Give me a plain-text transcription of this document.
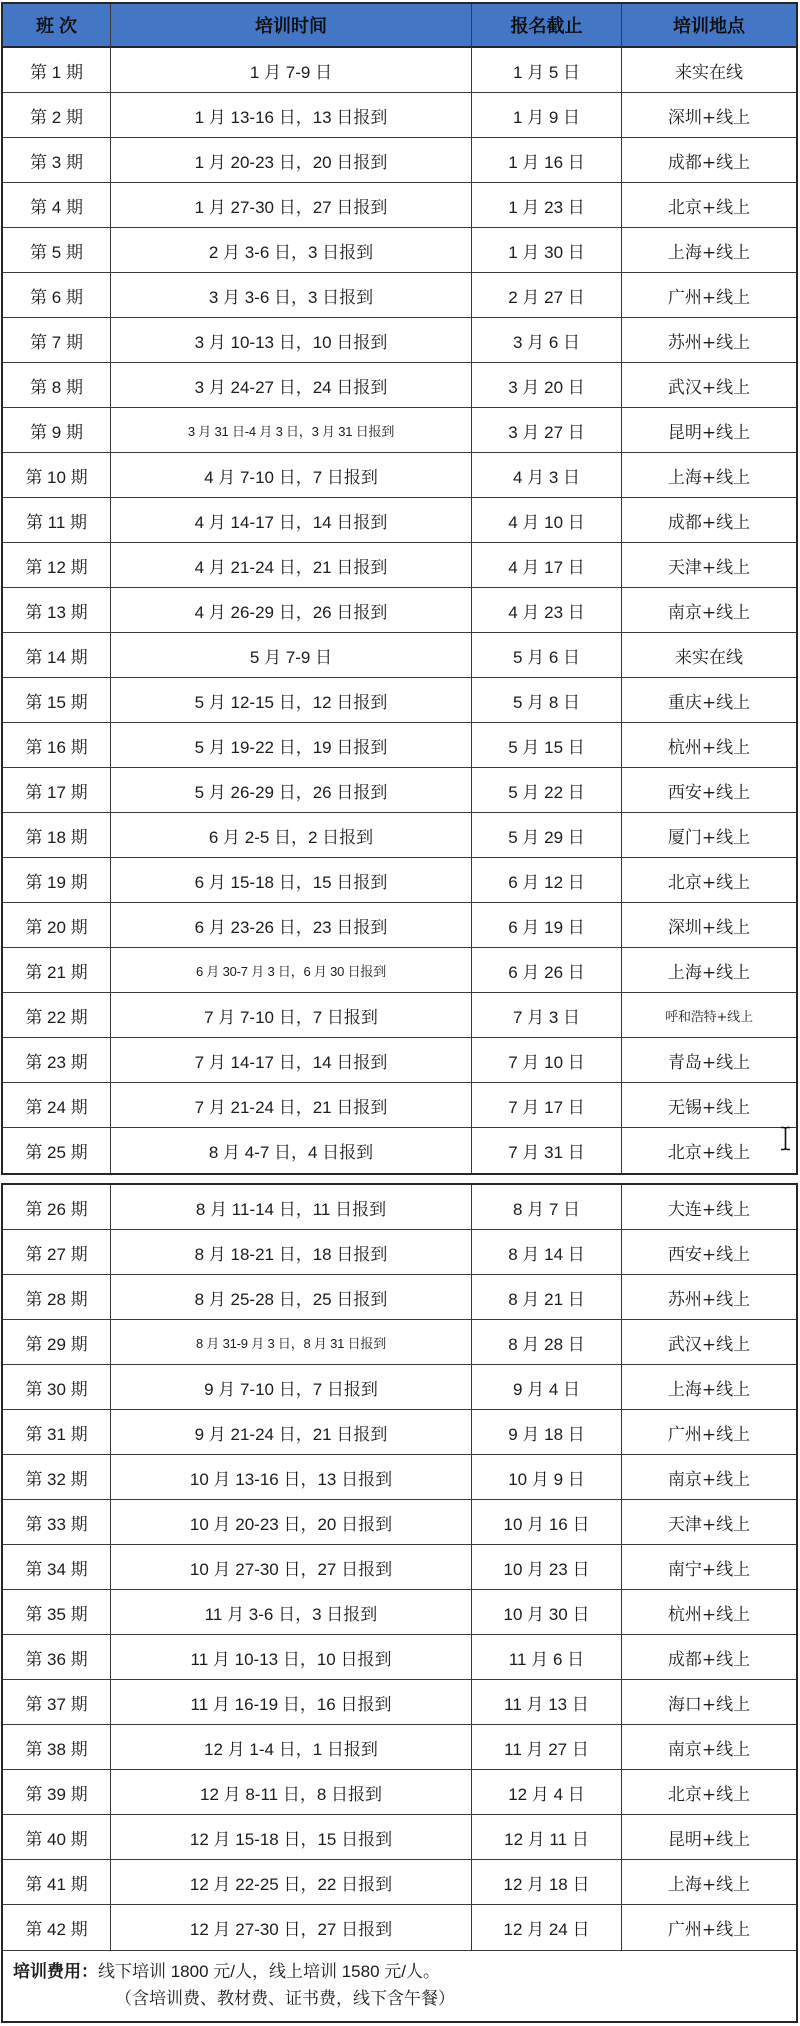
班 次	培训时间	报名截止	培训地点
第 1 期	1 月 7-9 日	1 月 5 日	来实在线
第 2 期	1 月 13-16 日，13 日报到	1 月 9 日	深圳+线上
第 3 期	1 月 20-23 日，20 日报到	1 月 16 日	成都+线上
第 4 期	1 月 27-30 日，27 日报到	1 月 23 日	北京+线上
第 5 期	2 月 3-6 日，3 日报到	1 月 30 日	上海+线上
第 6 期	3 月 3-6 日，3 日报到	2 月 27 日	广州+线上
第 7 期	3 月 10-13 日，10 日报到	3 月 6 日	苏州+线上
第 8 期	3 月 24-27 日，24 日报到	3 月 20 日	武汉+线上
第 9 期	3 月 31 日-4 月 3 日，3 月 31 日报到	3 月 27 日	昆明+线上
第 10 期	4 月 7-10 日，7 日报到	4 月 3 日	上海+线上
第 11 期	4 月 14-17 日，14 日报到	4 月 10 日	成都+线上
第 12 期	4 月 21-24 日，21 日报到	4 月 17 日	天津+线上
第 13 期	4 月 26-29 日，26 日报到	4 月 23 日	南京+线上
第 14 期	5 月 7-9 日	5 月 6 日	来实在线
第 15 期	5 月 12-15 日，12 日报到	5 月 8 日	重庆+线上
第 16 期	5 月 19-22 日，19 日报到	5 月 15 日	杭州+线上
第 17 期	5 月 26-29 日，26 日报到	5 月 22 日	西安+线上
第 18 期	6 月 2-5 日，2 日报到	5 月 29 日	厦门+线上
第 19 期	6 月 15-18 日，15 日报到	6 月 12 日	北京+线上
第 20 期	6 月 23-26 日，23 日报到	6 月 19 日	深圳+线上
第 21 期	6 月 30-7 月 3 日，6 月 30 日报到	6 月 26 日	上海+线上
第 22 期	7 月 7-10 日，7 日报到	7 月 3 日	呼和浩特+线上
第 23 期	7 月 14-17 日，14 日报到	7 月 10 日	青岛+线上
第 24 期	7 月 21-24 日，21 日报到	7 月 17 日	无锡+线上
第 25 期	8 月 4-7 日，4 日报到	7 月 31 日	北京+线上
第 26 期	8 月 11-14 日，11 日报到	8 月 7 日	大连+线上
第 27 期	8 月 18-21 日，18 日报到	8 月 14 日	西安+线上
第 28 期	8 月 25-28 日，25 日报到	8 月 21 日	苏州+线上
第 29 期	8 月 31-9 月 3 日，8 月 31 日报到	8 月 28 日	武汉+线上
第 30 期	9 月 7-10 日，7 日报到	9 月 4 日	上海+线上
第 31 期	9 月 21-24 日，21 日报到	9 月 18 日	广州+线上
第 32 期	10 月 13-16 日，13 日报到	10 月 9 日	南京+线上
第 33 期	10 月 20-23 日，20 日报到	10 月 16 日	天津+线上
第 34 期	10 月 27-30 日，27 日报到	10 月 23 日	南宁+线上
第 35 期	11 月 3-6 日，3 日报到	10 月 30 日	杭州+线上
第 36 期	11 月 10-13 日，10 日报到	11 月 6 日	成都+线上
第 37 期	11 月 16-19 日，16 日报到	11 月 13 日	海口+线上
第 38 期	12 月 1-4 日，1 日报到	11 月 27 日	南京+线上
第 39 期	12 月 8-11 日，8 日报到	12 月 4 日	北京+线上
第 40 期	12 月 15-18 日，15 日报到	12 月 11 日	昆明+线上
第 41 期	12 月 22-25 日，22 日报到	12 月 18 日	上海+线上
第 42 期	12 月 27-30 日，27 日报到	12 月 24 日	广州+线上
培训费用：线下培训 1800 元/人，线上培训 1580 元/人。
（含培训费、教材费、证书费，线下含午餐）
